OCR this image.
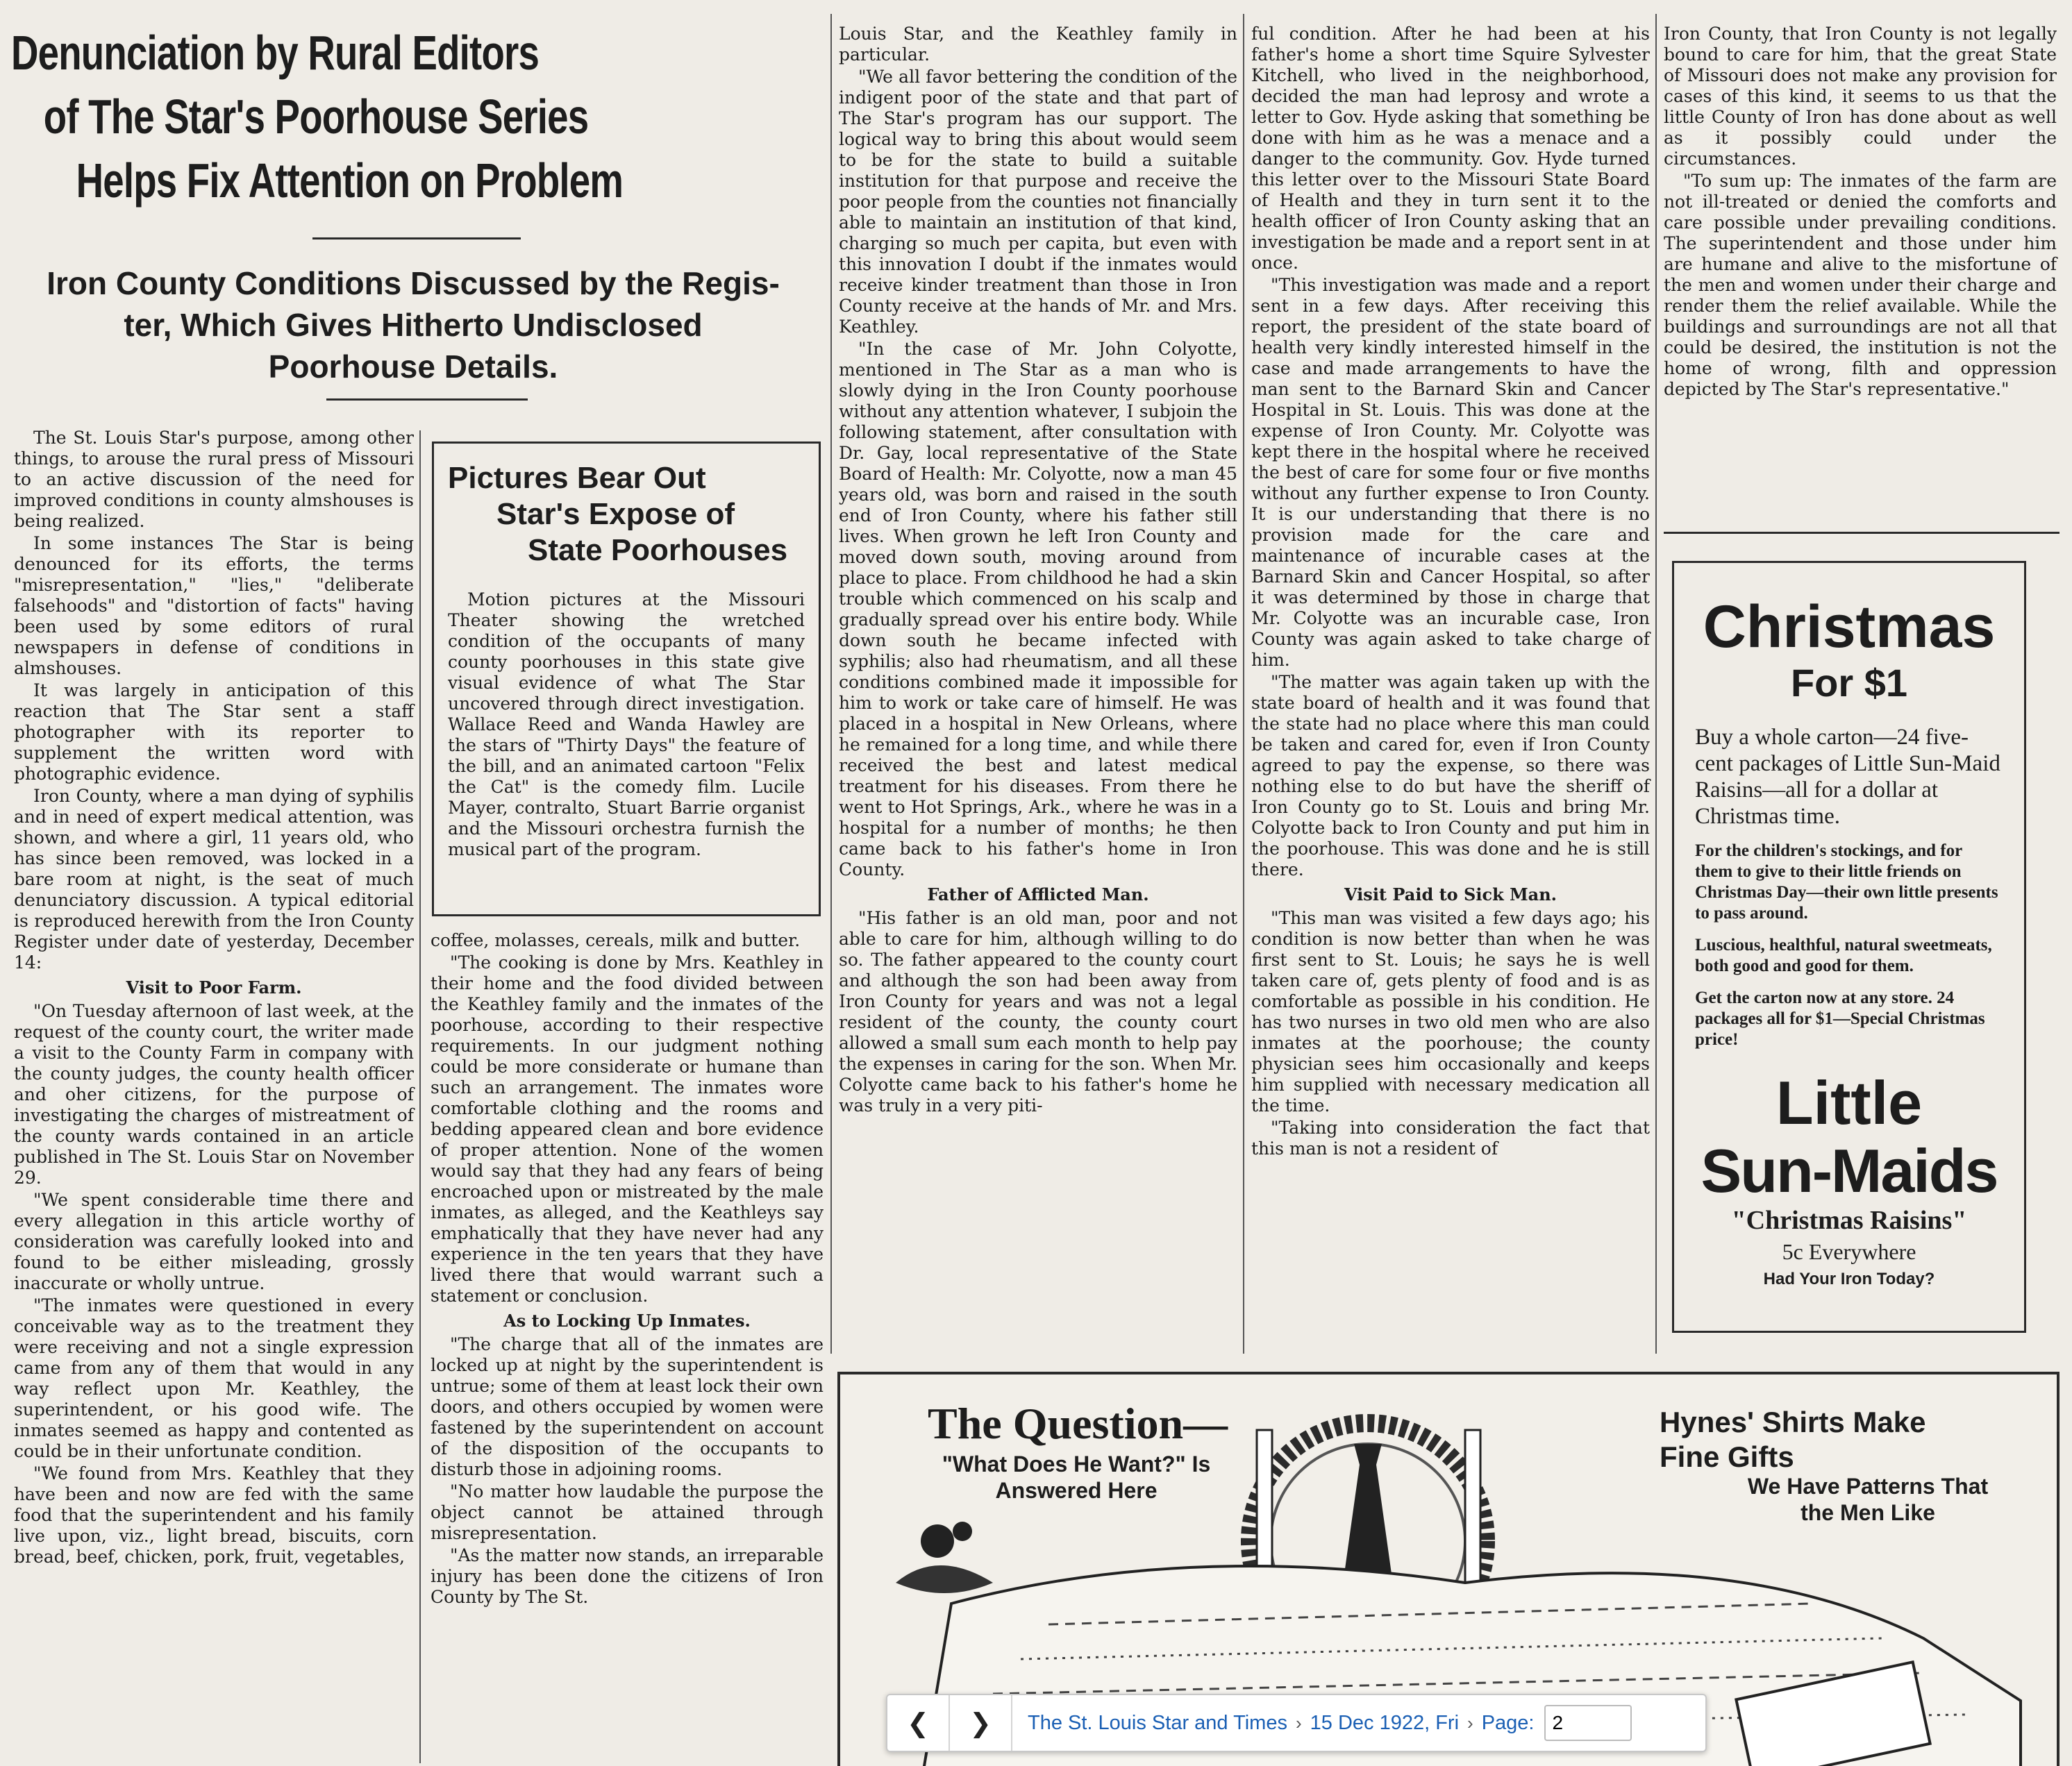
Denunciation by Rural Editors
of The Star's Poorhouse Series
Helps Fix Attention on Problem
Iron County Conditions Discussed by the Regis-
ter, Which Gives Hitherto Undisclosed
Poorhouse Details.

The St. Louis Star's purpose, among other things, to arouse the rural press of Missouri to an active discussion of the need for improved conditions in county almshouses is being realized.

In some instances The Star is being denounced for its efforts, the terms "misrepresentation," "lies," "deliberate falsehoods" and "distortion of facts" having been used by some editors of rural newspapers in defense of conditions in almshouses.

It was largely in anticipation of this reaction that The Star sent a staff photographer with its reporter to supplement the written word with photographic evidence.

Iron County, where a man dying of syphilis and in need of expert medical attention, was shown, and where a girl, 11 years old, who has since been removed, was locked in a bare room at night, is the seat of much denunciatory discussion. A typical editorial is reproduced herewith from the Iron County Register under date of yesterday, December 14:

Visit to Poor Farm.

"On Tuesday afternoon of last week, at the request of the county court, the writer made a visit to the County Farm in company with the county judges, the county health officer and oher citizens, for the purpose of investigating the charges of mistreatment of the county wards contained in an article published in The St. Louis Star on November 29.

"We spent considerable time there and every allegation in this article worthy of consideration was carefully looked into and found to be either misleading, grossly inaccurate or wholly untrue.

"The inmates were questioned in every conceivable way as to the treatment they were receiving and not a single expression came from any of them that would in any way reflect upon Mr. Keathley, the superintendent, or his good wife. The inmates seemed as happy and contented as could be in their unfortunate condition.

"We found from Mrs. Keathley that they have been and now are fed with the same food that the superintendent and his family live upon, viz., light bread, biscuits, corn bread, beef, chicken, pork, fruit, vegetables,

Pictures Bear Out
Star's Expose of
State Poorhouses

Motion pictures at the Missouri Theater showing the wretched condition of the occupants of many county poorhouses in this state give visual evidence of what The Star uncovered through direct investigation. Wallace Reed and Wanda Hawley are the stars of "Thirty Days" the feature of the bill, and an animated cartoon "Felix the Cat" is the comedy film. Lucile Mayer, contralto, Stuart Barrie organist and the Missouri orchestra furnish the musical part of the program.

coffee, molasses, cereals, milk and butter.

"The cooking is done by Mrs. Keathley in their home and the food divided between the Keathley family and the inmates of the poorhouse, according to their respective requirements. In our judgment nothing could be more considerate or humane than such an arrangement. The inmates wore comfortable clothing and the rooms and bedding appeared clean and bore evidence of proper attention. None of the women would say that they had any fears of being encroached upon or mistreated by the male inmates, as alleged, and the Keathleys say emphatically that they have never had any experience in the ten years that they have lived there that would warrant such a statement or conclusion.

As to Locking Up Inmates.

"The charge that all of the inmates are locked up at night by the superintendent is untrue; some of them at least lock their own doors, and others occupied by women were fastened by the superintendent on account of the disposition of the occupants to disturb those in adjoining rooms.

"No matter how laudable the purpose the object cannot be attained through misrepresentation.

"As the matter now stands, an irreparable injury has been done the citizens of Iron County by The St.

Louis Star, and the Keathley family in particular.

"We all favor bettering the condition of the indigent poor of the state and that part of The Star's program has our support. The logical way to bring this about would seem to be for the state to build a suitable institution for that purpose and receive the poor people from the counties not financially able to maintain an institution of that kind, charging so much per capita, but even with this innovation I doubt if the inmates would receive kinder treatment than those in Iron County receive at the hands of Mr. and Mrs. Keathley.

"In the case of Mr. John Colyotte, mentioned in The Star as a man who is slowly dying in the Iron County poorhouse without any attention whatever, I subjoin the following statement, after consultation with Dr. Gay, local representative of the State Board of Health: Mr. Colyotte, now a man 45 years old, was born and raised in the south end of Iron County, where his father still lives. When grown he left Iron County and moved down south, moving around from place to place. From childhood he had a skin trouble which commenced on his scalp and gradually spread over his entire body. While down south he became infected with syphilis; also had rheumatism, and all these conditions combined made it impossible for him to work or take care of himself. He was placed in a hospital in New Orleans, where he remained for a long time, and while there received the best and latest medical treatment for his diseases. From there he went to Hot Springs, Ark., where he was in a hospital for a number of months; he then came back to his father's home in Iron County.

Father of Afflicted Man.

"His father is an old man, poor and not able to care for him, although willing to do so. The father appeared to the county court and although the son had been away from Iron County for years and was not a legal resident of the county, the county court allowed a small sum each month to help pay the expenses in caring for the son. When Mr. Colyotte came back to his father's home he was truly in a very piti-

ful condition. After he had been at his father's home a short time Squire Sylvester Kitchell, who lived in the neighborhood, decided the man had leprosy and wrote a letter to Gov. Hyde asking that something be done with him as he was a menace and a danger to the community. Gov. Hyde turned this letter over to the Missouri State Board of Health and they in turn sent it to the health officer of Iron County asking that an investigation be made and a report sent in at once.

"This investigation was made and a report sent in a few days. After receiving this report, the president of the state board of health very kindly interested himself in the case and made arrangements to have the man sent to the Barnard Skin and Cancer Hospital in St. Louis. This was done at the expense of Iron County. Mr. Colyotte was kept there in the hospital where he received the best of care for some four or five months without any further expense to Iron County. It is our understanding that there is no provision made for the care and maintenance of incurable cases at the Barnard Skin and Cancer Hospital, so after it was determined by those in charge that Mr. Colyotte was an incurable case, Iron County was again asked to take charge of him.

"The matter was again taken up with the state board of health and it was found that the state had no place where this man could be taken and cared for, even if Iron County agreed to pay the expense, so there was nothing else to do but have the sheriff of Iron County go to St. Louis and bring Mr. Colyotte back to Iron County and put him in the poorhouse. This was done and he is still there.

Visit Paid to Sick Man.

"This man was visited a few days ago; his condition is now better than when he was first sent to St. Louis; he says he is well taken care of, gets plenty of food and is as comfortable as possible in his condition. He has two nurses in two old men who are also inmates at the poorhouse; the county physician sees him occasionally and keeps him supplied with necessary medication all the time.

"Taking into consideration the fact that this man is not a resident of

Iron County, that Iron County is not legally bound to care for him, that the great State of Missouri does not make any provision for cases of this kind, it seems to us that the little County of Iron has done about as well as it possibly could under the circumstances.

"To sum up: The inmates of the farm are not ill-treated or denied the comforts and care possible under prevailing conditions. The superintendent and those under him are humane and alive to the misfortune of the men and women under their charge and render them the relief available. While the buildings and surroundings are not all that could be desired, the institution is not the home of wrong, filth and oppression depicted by The Star's representative."

Christmas
For $1
Buy a whole carton—24 five-cent packages of Little Sun-Maid Raisins—all for a dollar at Christmas time.
For the children's stockings, and for them to give to their little friends on Christmas Day—their own little presents to pass around.
Luscious, healthful, natural sweetmeats, both good and good for them.
Get the carton now at any store. 24 packages all for $1—Special Christmas price!
Little
Sun-Maids
"Christmas Raisins"
5c Everywhere
Had Your Iron Today?
The Question—
"What Does He Want?" Is Answered Here
Hynes' Shirts Make Fine Gifts
We Have Patterns That the Men Like
❮ ❯ The St. Louis Star and Times › 15 Dec 1922, Fri › Page:
2
